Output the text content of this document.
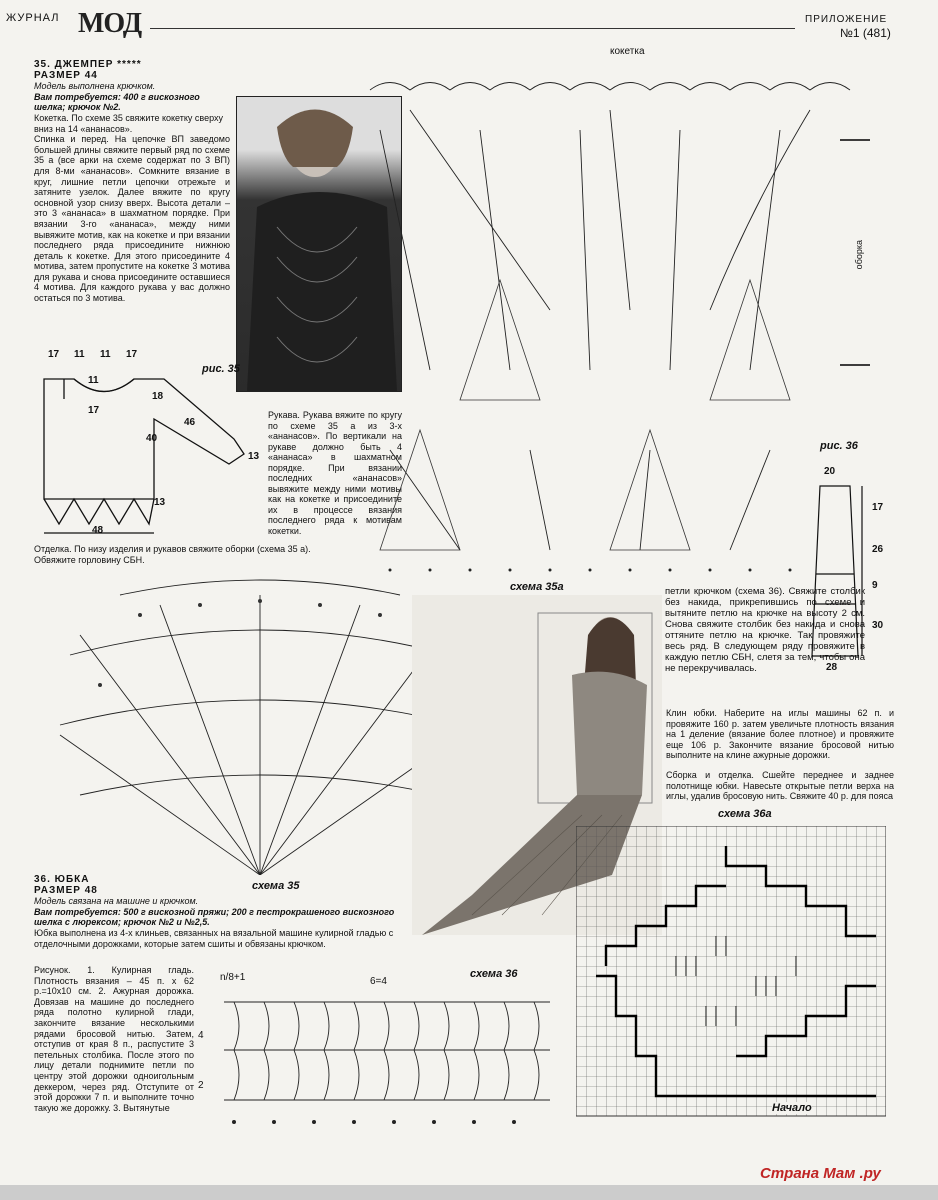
ЖУРНАЛ МОД	ПРИЛОЖЕНИЕ
№1 (481)

35. ДЖЕМПЕР *****

РАЗМЕР 44

Модель выполнена крючком.

Вам потребуется: 400 г вискозного шелка; крючок №2.

Кокетка. По схеме 35 свяжите кокетку сверху вниз на 14 «ананасов».

Спинка и перед. На цепочке ВП заведомо большей длины свяжите первый ряд по схеме 35 а (все арки на схеме содержат по 3 ВП) для 8-ми «ананасов». Сомкните вязание в круг, лишние петли цепочки отрежьте и затяните узелок. Далее вяжите по кругу основной узор снизу вверх. Высота детали – это 3 «ананаса» в шахматном порядке. При вязании 3-го «ананаса», между ними вывяжите мотив, как на кокетке и при вязании последнего ряда присоедините нижнюю деталь к кокетке. Для этого присоедините 4 мотива, затем пропустите на кокетке 3 мотива для рукава и снова присоедините оставшиеся 4 мотива. Для каждого рукава у вас должно остаться по 3 мотива.

рис. 35
17 11 11 17
11
17
18
46
40
13
13
48
Рукава. Рукава вяжите по кругу по схеме 35 а из 3-х «ананасов». По вертикали на рукаве должно быть 4 «ананаса» в шахматном порядке. При вязании последних «ананасов» вывяжите между ними мотивы как на кокетке и присоедините их в процессе вязания последнего ряда к мотивам кокетки.
Отделка. По низу изделия и рукавов свяжите оборки (схема 35 а). Обвяжите горловину СБН.
кокетка
оборка
рис. 36
схема 35а
20
17
26
9
30
28
схема 35
петли крючком (схема 36). Свяжите столбик без накида, прикрепившись по схеме и вытяните петлю на крючке на высоту 2 см. Снова свяжите столбик без накида и снова оттяните петлю на крючке. Так провяжите весь ряд. В следующем ряду провяжите в каждую петлю СБН, слетя за тем, чтобы она не перекручивалась.
Клин юбки. Наберите на иглы машины 62 п. и провяжите 160 р. затем увеличьте плотность вязания на 1 деление (вязание более плотное) и провяжите еще 106 р. Закончите вязание бросовой нитью выполните на клине ажурные дорожки.
Сборка и отделка. Сшейте переднее и заднее полотнище юбки. Навесьте открытые петли верха на иглы, удалив бросовую нить. Свяжите 40 р. для пояса
схема 36а
Начало

36. ЮБКА

РАЗМЕР 48

Модель связана на машине и крючком.

Вам потребуется: 500 г вискозной пряжи; 200 г пестрокрашеного вискозного шелка с люрексом; крючок №2 и №2,5.

Юбка выполнена из 4-х клиньев, связанных на вязальной машине кулирной гладью с отделочными дорожками, которые затем сшиты и обвязаны крючком.

Рисунок. 1. Кулирная гладь. Плотность вязания – 45 п. х 62 р.=10х10 см. 2. Ажурная дорожка. Довязав на машине до последнего ряда полотно кулирной глади, закончите вязание несколькими рядами бросовой нитью. Затем, отступив от края 8 п., распустите 3 петельных столбика. После этого по лицу детали поднимите петли по центру этой дорожки одноигольным деккером, через ряд. Отступите от этой дорожки 7 п. и выполните точно такую же дорожку. 3. Вытянутые
схема 36
n/8+1	6=4
4
2
Страна Мам .ру
